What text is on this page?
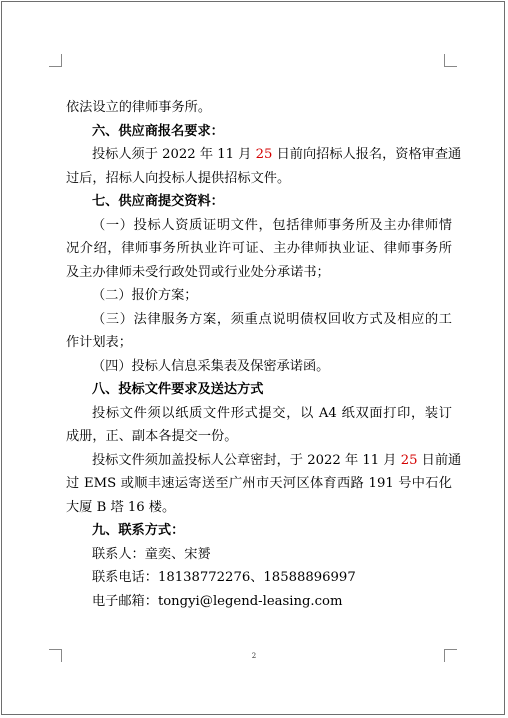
依法设立的律师事务所。
六、供应商报名要求：
投标人须于 2022 年 11 月 25 日前向招标人报名，资格审查通
过后，招标人向投标人提供招标文件。
七、供应商提交资料：
（一）投标人资质证明文件，包括律师事务所及主办律师情
况介绍，律师事务所执业许可证、主办律师执业证、律师事务所
及主办律师未受行政处罚或行业处分承诺书；
（二）报价方案；
（三）法律服务方案，须重点说明债权回收方式及相应的工
作计划表；
（四）投标人信息采集表及保密承诺函。
八、投标文件要求及送达方式
投标文件须以纸质文件形式提交，以 A4 纸双面打印，装订
成册，正、副本各提交一份。
投标文件须加盖投标人公章密封，于 2022 年 11 月 25 日前通
过 EMS 或顺丰速运寄送至广州市天河区体育西路 191 号中石化
大厦 B 塔 16 楼。
九、联系方式：
联系人：童奕、宋赟
联系电话：18138772276、18588896997
电子邮箱：tongyi@legend-leasing.com
2
